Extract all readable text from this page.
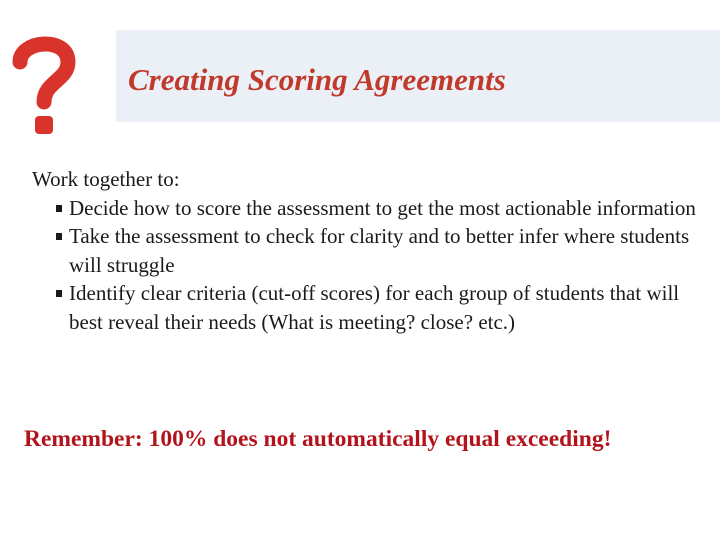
Creating Scoring Agreements

Work together to:

Decide how to score the assessment to get the most actionable information
Take the assessment to check for clarity and to better infer where students will struggle
Identify clear criteria (cut-off scores) for each group of students that will best reveal their needs (What is meeting? close? etc.)
Remember: 100% does not automatically equal exceeding!
